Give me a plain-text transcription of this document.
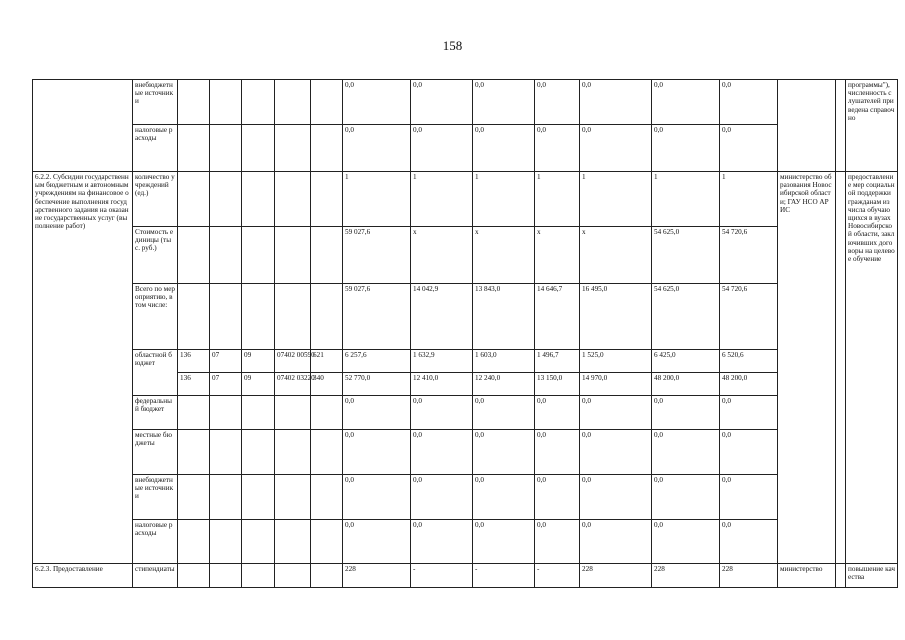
158
	внебюджетные источники						0,0	0,0	0,0	0,0	0,0	0,0	0,0			программы"), численность слушателей приведена справочно
	налоговые расходы						0,0	0,0	0,0	0,0	0,0	0,0	0,0			
6.2.2. Субсидии государственным бюджетным и автономным учреждениям на финансовое обеспечение выполнения государственного задания на оказание государственных услуг (выполнение работ)	количество учреждений (ед.)						1	1	1	1	1	1	1	министерство образования Новосибирской области; ГАУ НСО АРИС		предоставление мер социальной поддержки гражданам из числа обучающихся в вузах Новосибирской области, заключивших договоры на целевое обучение
	Стоимость единицы (тыс. руб.)						59 027,6	х	х	х	х	54 625,0	54 720,6			
	Всего по мероприятию, в том числе:						59 027,6	14 042,9	13 843,0	14 646,7	16 495,0	54 625,0	54 720,6			
	областной бюджет	136	07	09	07402 00590	621	6 257,6	1 632,9	1 603,0	1 496,7	1 525,0	6 425,0	6 520,6			
		136	07	09	07402 03220	340	52 770,0	12 410,0	12 240,0	13 150,0	14 970,0	48 200,0	48 200,0			
	федеральный бюджет						0,0	0,0	0,0	0,0	0,0	0,0	0,0			
	местные бюджеты						0,0	0,0	0,0	0,0	0,0	0,0	0,0			
	внебюджетные источники						0,0	0,0	0,0	0,0	0,0	0,0	0,0			
	налоговые расходы						0,0	0,0	0,0	0,0	0,0	0,0	0,0			
6.2.3. Предоставление	стипендиаты						228	-	-	-	228	228	228	министерство		повышение качества
